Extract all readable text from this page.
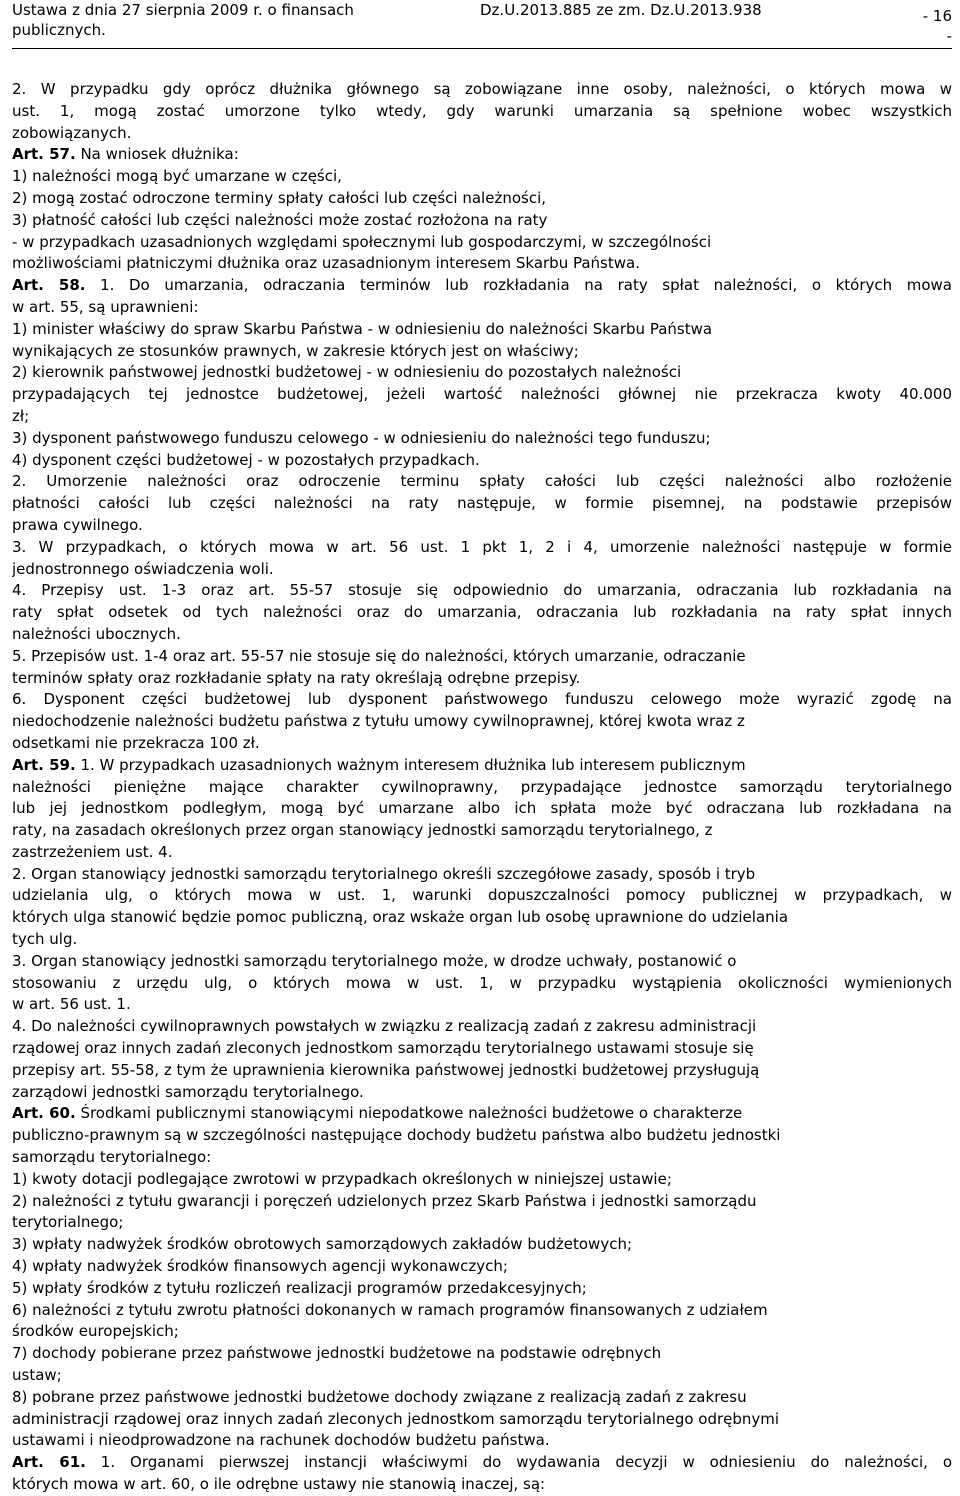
Ustawa z dnia 27 sierpnia 2009 r. o finansach
publicznych.
Dz.U.2013.885 ze zm. Dz.U.2013.938	- 16
-
2. W przypadku gdy oprócz dłużnika głównego są zobowiązane inne osoby, należności, o których mowa w
ust. 1, mogą zostać umorzone tylko wtedy, gdy warunki umarzania są spełnione wobec wszystkich
zobowiązanych.
Art. 57. Na wniosek dłużnika:
1) należności mogą być umarzane w części,
2) mogą zostać odroczone terminy spłaty całości lub części należności,
3) płatność całości lub części należności może zostać rozłożona na raty
- w przypadkach uzasadnionych względami społecznymi lub gospodarczymi, w szczególności
możliwościami płatniczymi dłużnika oraz uzasadnionym interesem Skarbu Państwa.
Art. 58. 1. Do umarzania, odraczania terminów lub rozkładania na raty spłat należności, o których mowa
w art. 55, są uprawnieni:
1) minister właściwy do spraw Skarbu Państwa - w odniesieniu do należności Skarbu Państwa
wynikających ze stosunków prawnych, w zakresie których jest on właściwy;
2) kierownik państwowej jednostki budżetowej - w odniesieniu do pozostałych należności
przypadających tej jednostce budżetowej, jeżeli wartość należności głównej nie przekracza kwoty 40.000
zł;
3) dysponent państwowego funduszu celowego - w odniesieniu do należności tego funduszu;
4) dysponent części budżetowej - w pozostałych przypadkach.
2. Umorzenie należności oraz odroczenie terminu spłaty całości lub części należności albo rozłożenie
płatności całości lub części należności na raty następuje, w formie pisemnej, na podstawie przepisów
prawa cywilnego.
3. W przypadkach, o których mowa w art. 56 ust. 1 pkt 1, 2 i 4, umorzenie należności następuje w formie
jednostronnego oświadczenia woli.
4. Przepisy ust. 1-3 oraz art. 55-57 stosuje się odpowiednio do umarzania, odraczania lub rozkładania na
raty spłat odsetek od tych należności oraz do umarzania, odraczania lub rozkładania na raty spłat innych
należności ubocznych.
5. Przepisów ust. 1-4 oraz art. 55-57 nie stosuje się do należności, których umarzanie, odraczanie
terminów spłaty oraz rozkładanie spłaty na raty określają odrębne przepisy.
6. Dysponent części budżetowej lub dysponent państwowego funduszu celowego może wyrazić zgodę na
niedochodzenie należności budżetu państwa z tytułu umowy cywilnoprawnej, której kwota wraz z
odsetkami nie przekracza 100 zł.
Art. 59. 1. W przypadkach uzasadnionych ważnym interesem dłużnika lub interesem publicznym
należności pieniężne mające charakter cywilnoprawny, przypadające jednostce samorządu terytorialnego
lub jej jednostkom podległym, mogą być umarzane albo ich spłata może być odraczana lub rozkładana na
raty, na zasadach określonych przez organ stanowiący jednostki samorządu terytorialnego, z
zastrzeżeniem ust. 4.
2. Organ stanowiący jednostki samorządu terytorialnego określi szczegółowe zasady, sposób i tryb
udzielania ulg, o których mowa w ust. 1, warunki dopuszczalności pomocy publicznej w przypadkach, w
których ulga stanowić będzie pomoc publiczną, oraz wskaże organ lub osobę uprawnione do udzielania
tych ulg.
3. Organ stanowiący jednostki samorządu terytorialnego może, w drodze uchwały, postanowić o
stosowaniu z urzędu ulg, o których mowa w ust. 1, w przypadku wystąpienia okoliczności wymienionych
w art. 56 ust. 1.
4. Do należności cywilnoprawnych powstałych w związku z realizacją zadań z zakresu administracji
rządowej oraz innych zadań zleconych jednostkom samorządu terytorialnego ustawami stosuje się
przepisy art. 55-58, z tym że uprawnienia kierownika państwowej jednostki budżetowej przysługują
zarządowi jednostki samorządu terytorialnego.
Art. 60. Środkami publicznymi stanowiącymi niepodatkowe należności budżetowe o charakterze
publiczno-prawnym są w szczególności następujące dochody budżetu państwa albo budżetu jednostki
samorządu terytorialnego:
1) kwoty dotacji podlegające zwrotowi w przypadkach określonych w niniejszej ustawie;
2) należności z tytułu gwarancji i poręczeń udzielonych przez Skarb Państwa i jednostki samorządu
terytorialnego;
3) wpłaty nadwyżek środków obrotowych samorządowych zakładów budżetowych;
4) wpłaty nadwyżek środków finansowych agencji wykonawczych;
5) wpłaty środków z tytułu rozliczeń realizacji programów przedakcesyjnych;
6) należności z tytułu zwrotu płatności dokonanych w ramach programów finansowanych z udziałem
środków europejskich;
7) dochody pobierane przez państwowe jednostki budżetowe na podstawie odrębnych
ustaw;
8) pobrane przez państwowe jednostki budżetowe dochody związane z realizacją zadań z zakresu
administracji rządowej oraz innych zadań zleconych jednostkom samorządu terytorialnego odrębnymi
ustawami i nieodprowadzone na rachunek dochodów budżetu państwa.
Art. 61. 1. Organami pierwszej instancji właściwymi do wydawania decyzji w odniesieniu do należności, o
których mowa w art. 60, o ile odrębne ustawy nie stanowią inaczej, są:
